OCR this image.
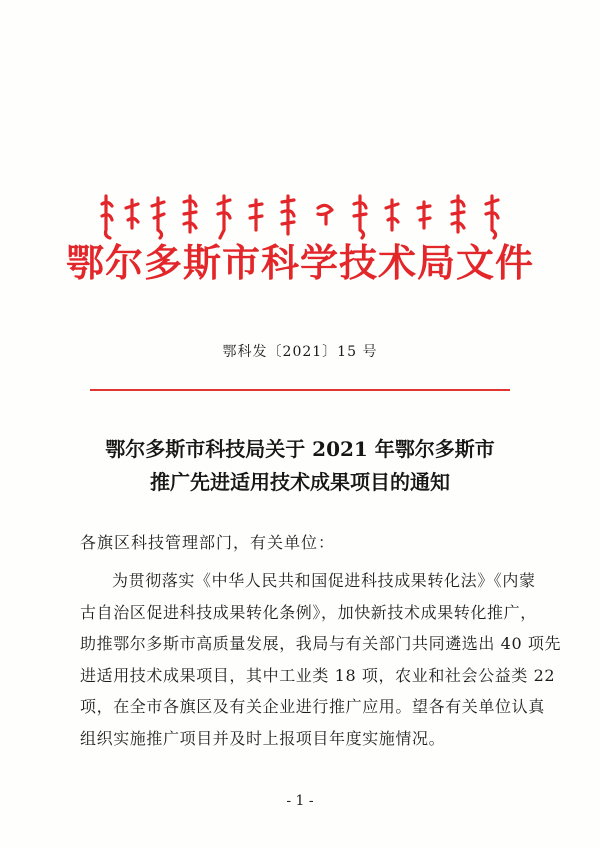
鄂尔多斯市科学技术局文件
鄂科发〔2021〕15 号
鄂尔多斯市科技局关于 2021 年鄂尔多斯市
推广先进适用技术成果项目的通知
各旗区科技管理部门，有关单位：
为贯彻落实《中华人民共和国促进科技成果转化法》《内蒙
古自治区促进科技成果转化条例》，加快新技术成果转化推广，
助推鄂尔多斯市高质量发展，我局与有关部门共同遴选出 40 项先
进适用技术成果项目，其中工业类 18 项，农业和社会公益类 22
项，在全市各旗区及有关企业进行推广应用。望各有关单位认真
组织实施推广项目并及时上报项目年度实施情况。
- 1 -
